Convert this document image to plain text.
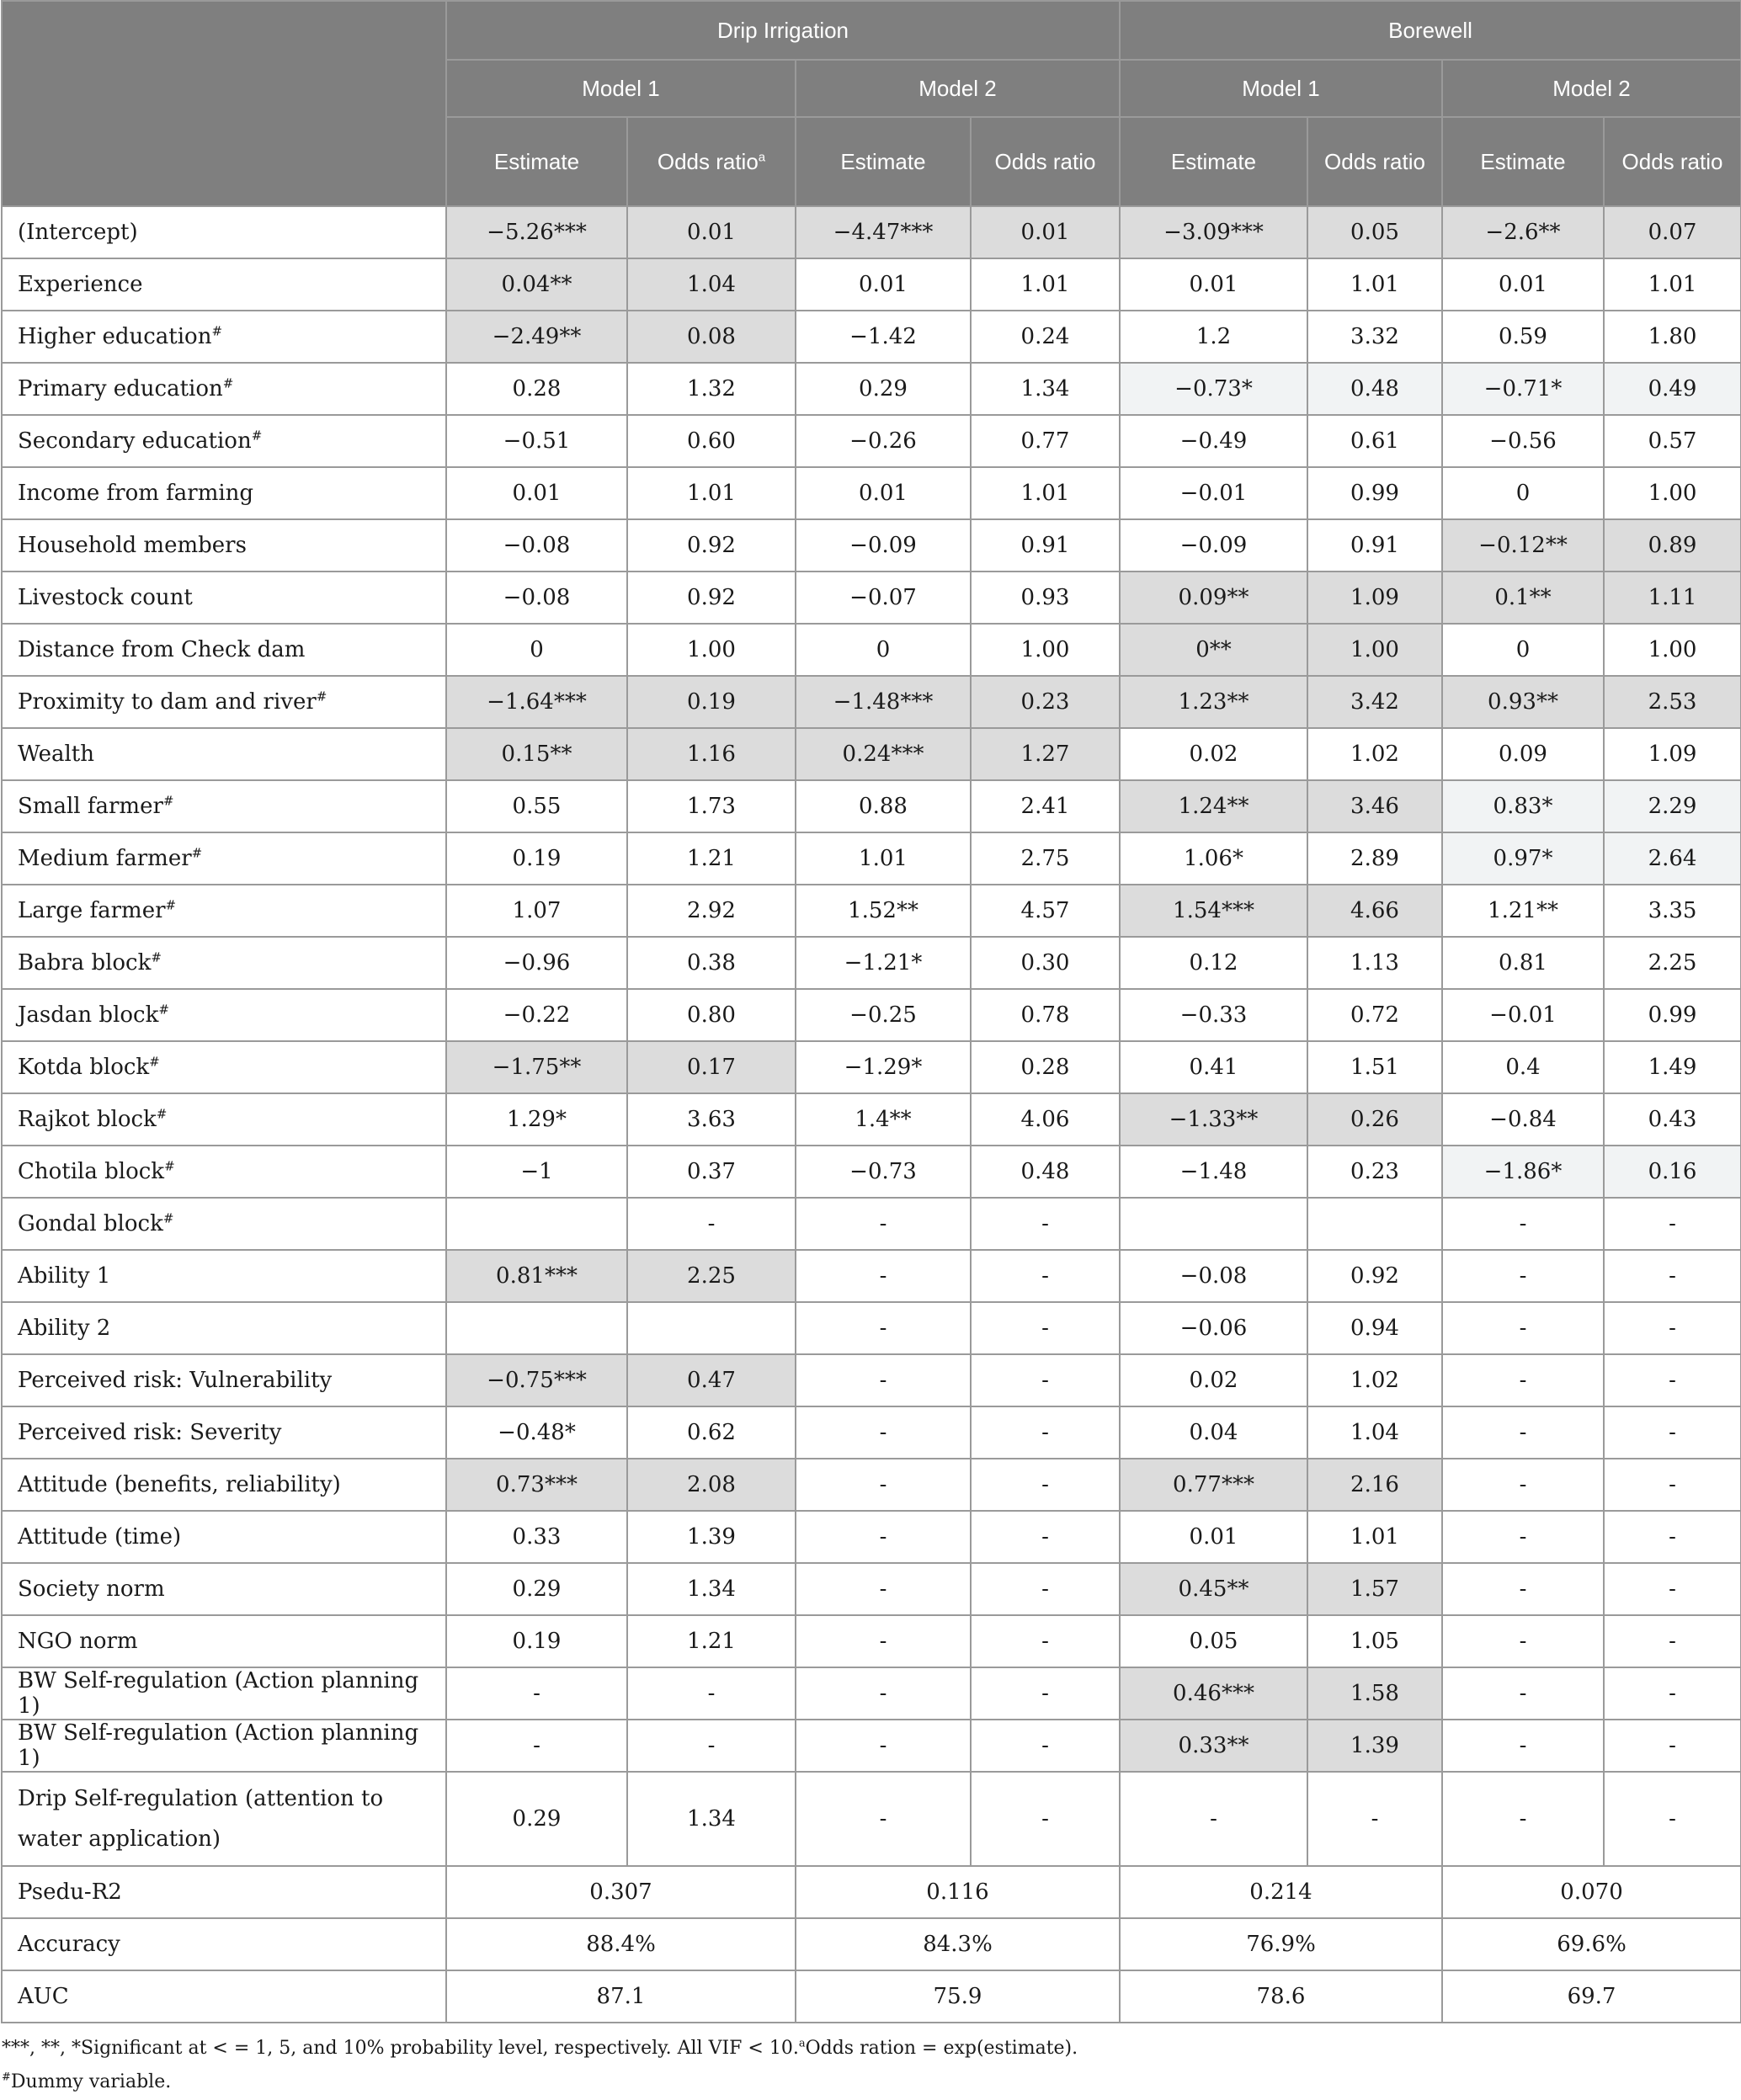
	Drip Irrigation				Borewell			
	Model 1		Model 2		Model 1		Model 2	
	Estimate	Odds ratio$^a$	Estimate	Odds ratio	Estimate	Odds ratio	Estimate	Odds ratio
(Intercept)	−5.26***	0.01	−4.47***	0.01	−3.09***	0.05	−2.6**	0.07
Experience	0.04**	1.04	0.01	1.01	0.01	1.01	0.01	1.01
Higher education#	−2.49**	0.08	−1.42	0.24	1.2	3.32	0.59	1.80
Primary education#	0.28	1.32	0.29	1.34	−0.73*	0.48	−0.71*	0.49
Secondary education#	−0.51	0.60	−0.26	0.77	−0.49	0.61	−0.56	0.57
Income from farming	0.01	1.01	0.01	1.01	−0.01	0.99	0	1.00
Household members	−0.08	0.92	−0.09	0.91	−0.09	0.91	−0.12**	0.89
Livestock count	−0.08	0.92	−0.07	0.93	0.09**	1.09	0.1**	1.11
Distance from Check dam	0	1.00	0	1.00	0**	1.00	0	1.00
Proximity to dam and river#	−1.64***	0.19	−1.48***	0.23	1.23**	3.42	0.93**	2.53
Wealth	0.15**	1.16	0.24***	1.27	0.02	1.02	0.09	1.09
Small farmer#	0.55	1.73	0.88	2.41	1.24**	3.46	0.83*	2.29
Medium farmer#	0.19	1.21	1.01	2.75	1.06*	2.89	0.97*	2.64
Large farmer#	1.07	2.92	1.52**	4.57	1.54***	4.66	1.21**	3.35
Babra block#	−0.96	0.38	−1.21*	0.30	0.12	1.13	0.81	2.25
Jasdan block#	−0.22	0.80	−0.25	0.78	−0.33	0.72	−0.01	0.99
Kotda block#	−1.75**	0.17	−1.29*	0.28	0.41	1.51	0.4	1.49
Rajkot block#	1.29*	3.63	1.4**	4.06	−1.33**	0.26	−0.84	0.43
Chotila block#	−1	0.37	−0.73	0.48	−1.48	0.23	−1.86*	0.16
Gondal block#		-	-	-			-	-
Ability 1	0.81***	2.25	-	-	−0.08	0.92	-	-
Ability 2			-	-	−0.06	0.94	-	-
Perceived risk: Vulnerability	−0.75***	0.47	-	-	0.02	1.02	-	-
Perceived risk: Severity	−0.48*	0.62	-	-	0.04	1.04	-	-
Attitude (benefits, reliability)	0.73***	2.08	-	-	0.77***	2.16	-	-
Attitude (time)	0.33	1.39	-	-	0.01	1.01	-	-
Society norm	0.29	1.34	-	-	0.45**	1.57	-	-
NGO norm	0.19	1.21	-	-	0.05	1.05	-	-
BW Self-regulation (Action planning 1)	-	-	-	-	0.46***	1.58	-	-
BW Self-regulation (Action planning 1)	-	-	-	-	0.33**	1.39	-	-
Drip Self-regulation (attention to water application)	0.29	1.34	-	-	-	-	-	-
Psedu-R2	0.307		0.116		0.214		0.070	
Accuracy	88.4%		84.3%		76.9%		69.6%	
AUC	87.1		75.9		78.6		69.7	
***, **, *Significant at < = 1, 5, and 10% probability level, respectively. All VIF < 10.$^a$Odds ration = exp(estimate).
#Dummy variable.
